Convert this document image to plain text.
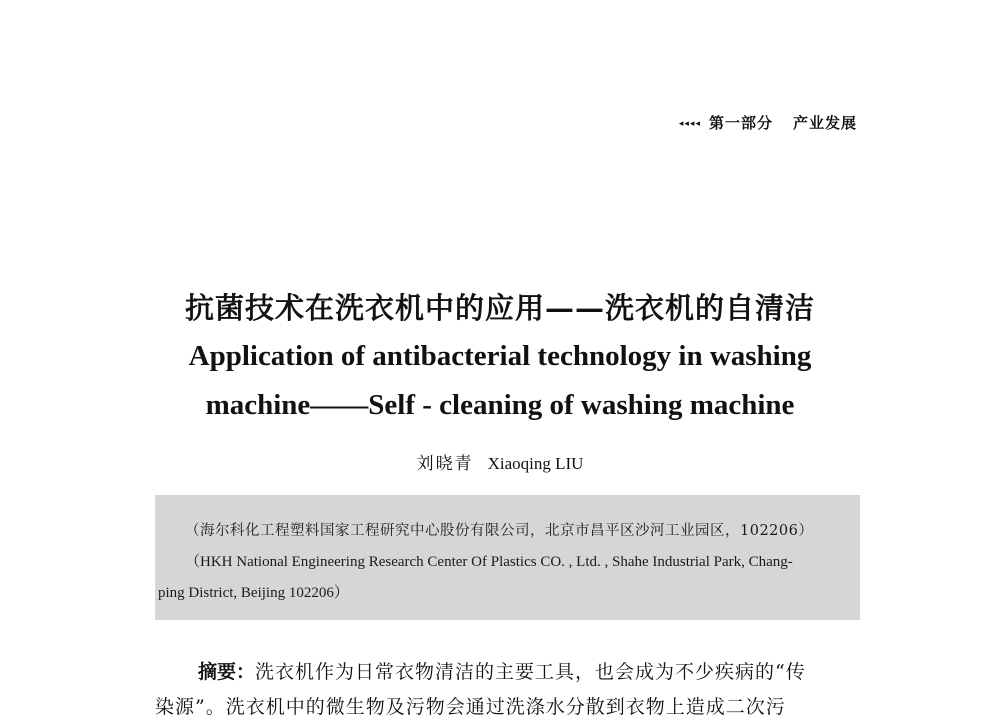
◂◂◂◂ 第一部分 产业发展
抗菌技术在洗衣机中的应用——洗衣机的自清洁
Application of antibacterial technology in washing
machine——Self - cleaning of washing machine
刘晓青 Xiaoqing LIU
（海尔科化工程塑料国家工程研究中心股份有限公司，北京市昌平区沙河工业园区，102206）
（HKH National Engineering Research Center Of Plastics CO. , Ltd. , Shahe Industrial Park, Chang-
ping District, Beijing 102206）
摘要：洗衣机作为日常衣物清洁的主要工具，也会成为不少疾病的“传
染源”。洗衣机中的微生物及污物会通过洗涤水分散到衣物上造成二次污
